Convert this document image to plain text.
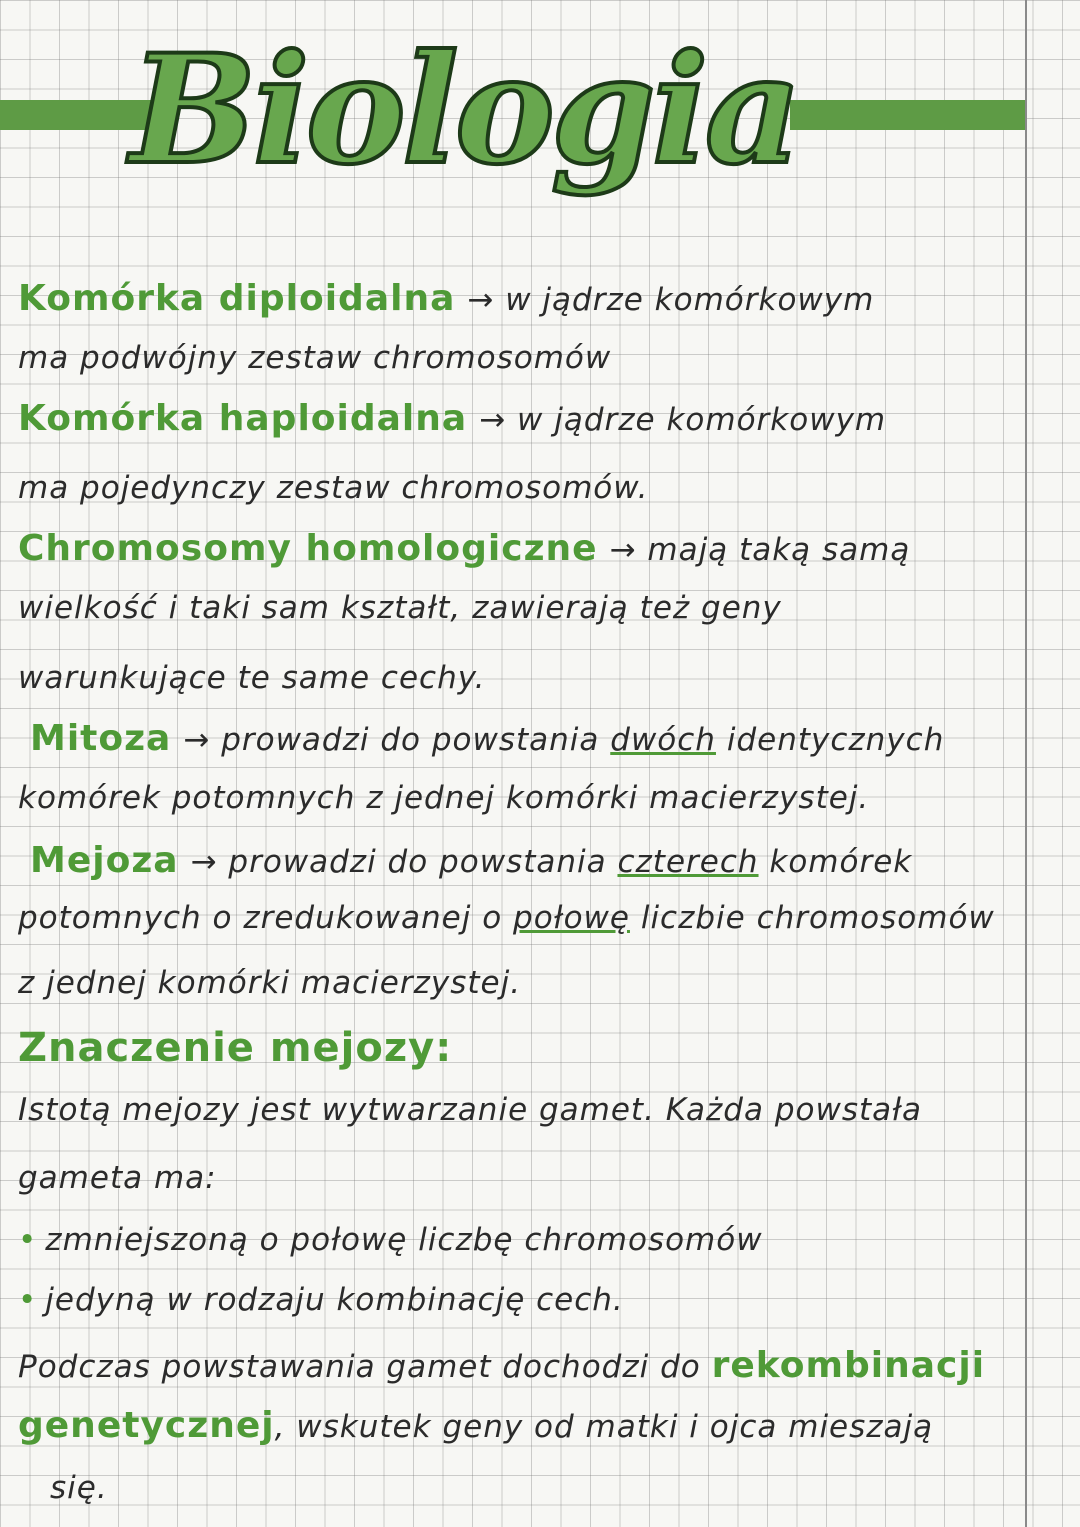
Biologia
Komórka diploidalna → w jądrze komórkowym
ma podwójny zestaw chromosomów
Komórka haploidalna → w jądrze komórkowym
ma pojedynczy zestaw chromosomów.
Chromosomy homologiczne → mają taką samą
wielkość i taki sam kształt, zawierają też geny
warunkujące te same cechy.
Mitoza → prowadzi do powstania dwóch identycznych
komórek potomnych z jednej komórki macierzystej.
Mejoza → prowadzi do powstania czterech komórek
potomnych o zredukowanej o połowę liczbie chromosomów
z jednej komórki macierzystej.
Znaczenie mejozy:
Istotą mejozy jest wytwarzanie gamet. Każda powstała
gameta ma:
• zmniejszoną o połowę liczbę chromosomów
• jedyną w rodzaju kombinację cech.
Podczas powstawania gamet dochodzi do rekombinacji
genetycznej, wskutek geny od matki i ojca mieszają
się.
